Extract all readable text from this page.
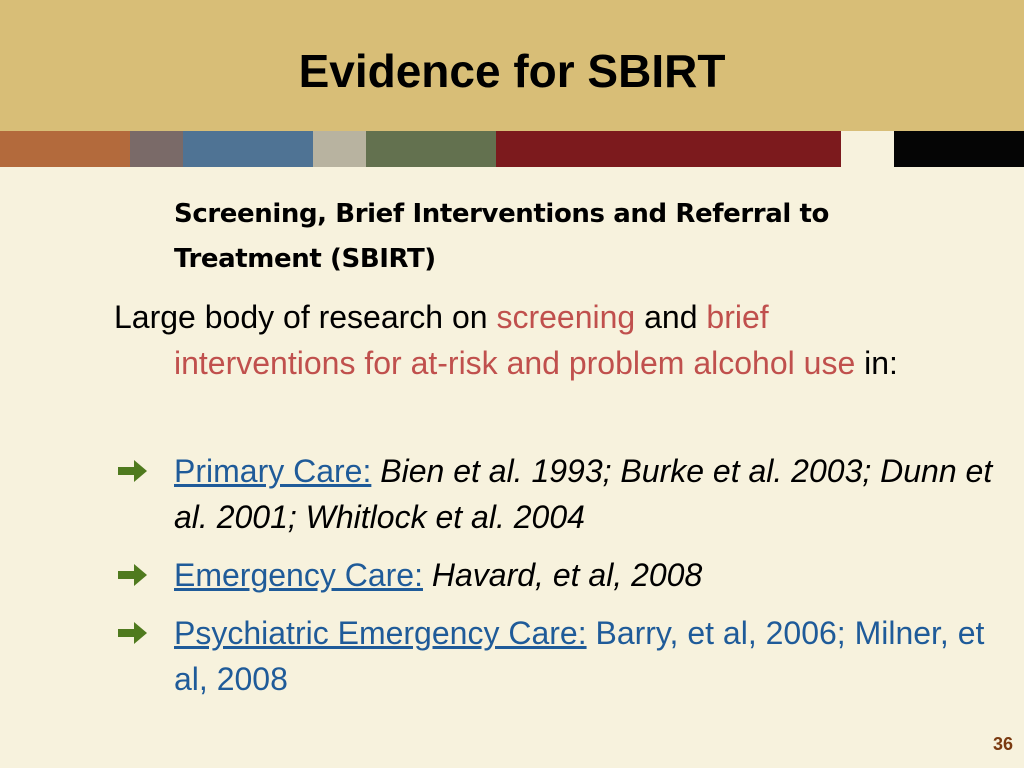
Evidence for SBIRT
Screening, Brief Interventions and Referral to Treatment (SBIRT)
Large body of research on screening and brief
interventions for at-risk and problem alcohol use in:
Primary Care: Bien et al. 1993; Burke et al. 2003; Dunn et al. 2001; Whitlock et al. 2004
Emergency Care: Havard, et al, 2008
Psychiatric Emergency Care: Barry, et al, 2006; Milner, et al, 2008
36
